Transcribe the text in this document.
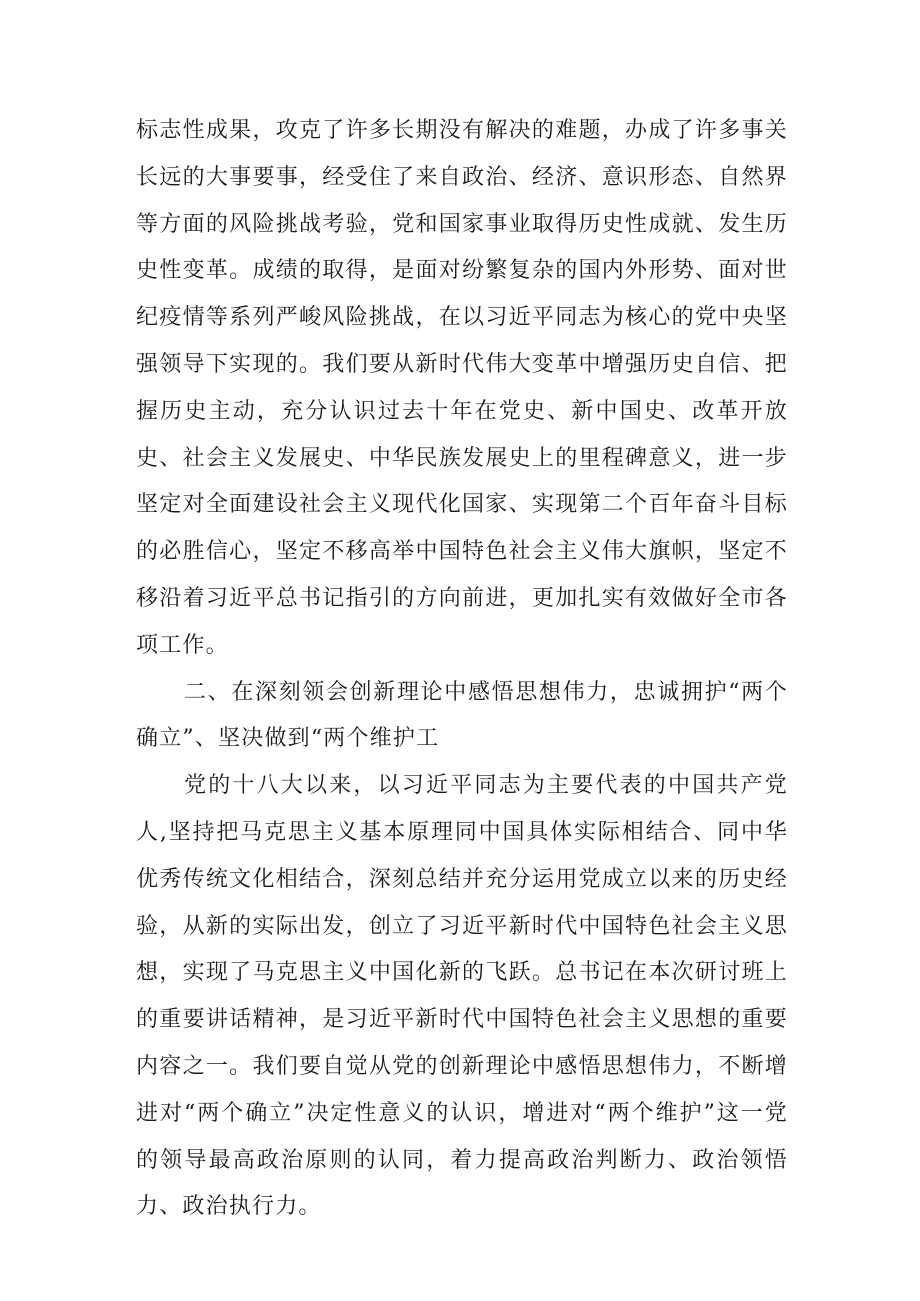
标志性成果，攻克了许多长期没有解决的难题，办成了许多事关长远的大事要事，经受住了来自政治、经济、意识形态、自然界等方面的风险挑战考验，党和国家事业取得历史性成就、发生历史性变革。成绩的取得，是面对纷繁复杂的国内外形势、面对世纪疫情等系列严峻风险挑战，在以习近平同志为核心的党中央坚强领导下实现的。我们要从新时代伟大变革中增强历史自信、把握历史主动，充分认识过去十年在党史、新中国史、改革开放史、社会主义发展史、中华民族发展史上的里程碑意义，进一步坚定对全面建设社会主义现代化国家、实现第二个百年奋斗目标的必胜信心，坚定不移高举中国特色社会主义伟大旗帜，坚定不移沿着习近平总书记指引的方向前进，更加扎实有效做好全市各项工作。

二、在深刻领会创新理论中感悟思想伟力，忠诚拥护“两个确立”、坚决做到“两个维护工

党的十八大以来，以习近平同志为主要代表的中国共产党人,坚持把马克思主义基本原理同中国具体实际相结合、同中华优秀传统文化相结合，深刻总结并充分运用党成立以来的历史经验，从新的实际出发，创立了习近平新时代中国特色社会主义思想，实现了马克思主义中国化新的飞跃。总书记在本次研讨班上的重要讲话精神，是习近平新时代中国特色社会主义思想的重要内容之一。我们要自觉从党的创新理论中感悟思想伟力，不断增进对“两个确立”决定性意义的认识，增进对“两个维护”这一党的领导最高政治原则的认同，着力提高政治判断力、政治领悟力、政治执行力。
